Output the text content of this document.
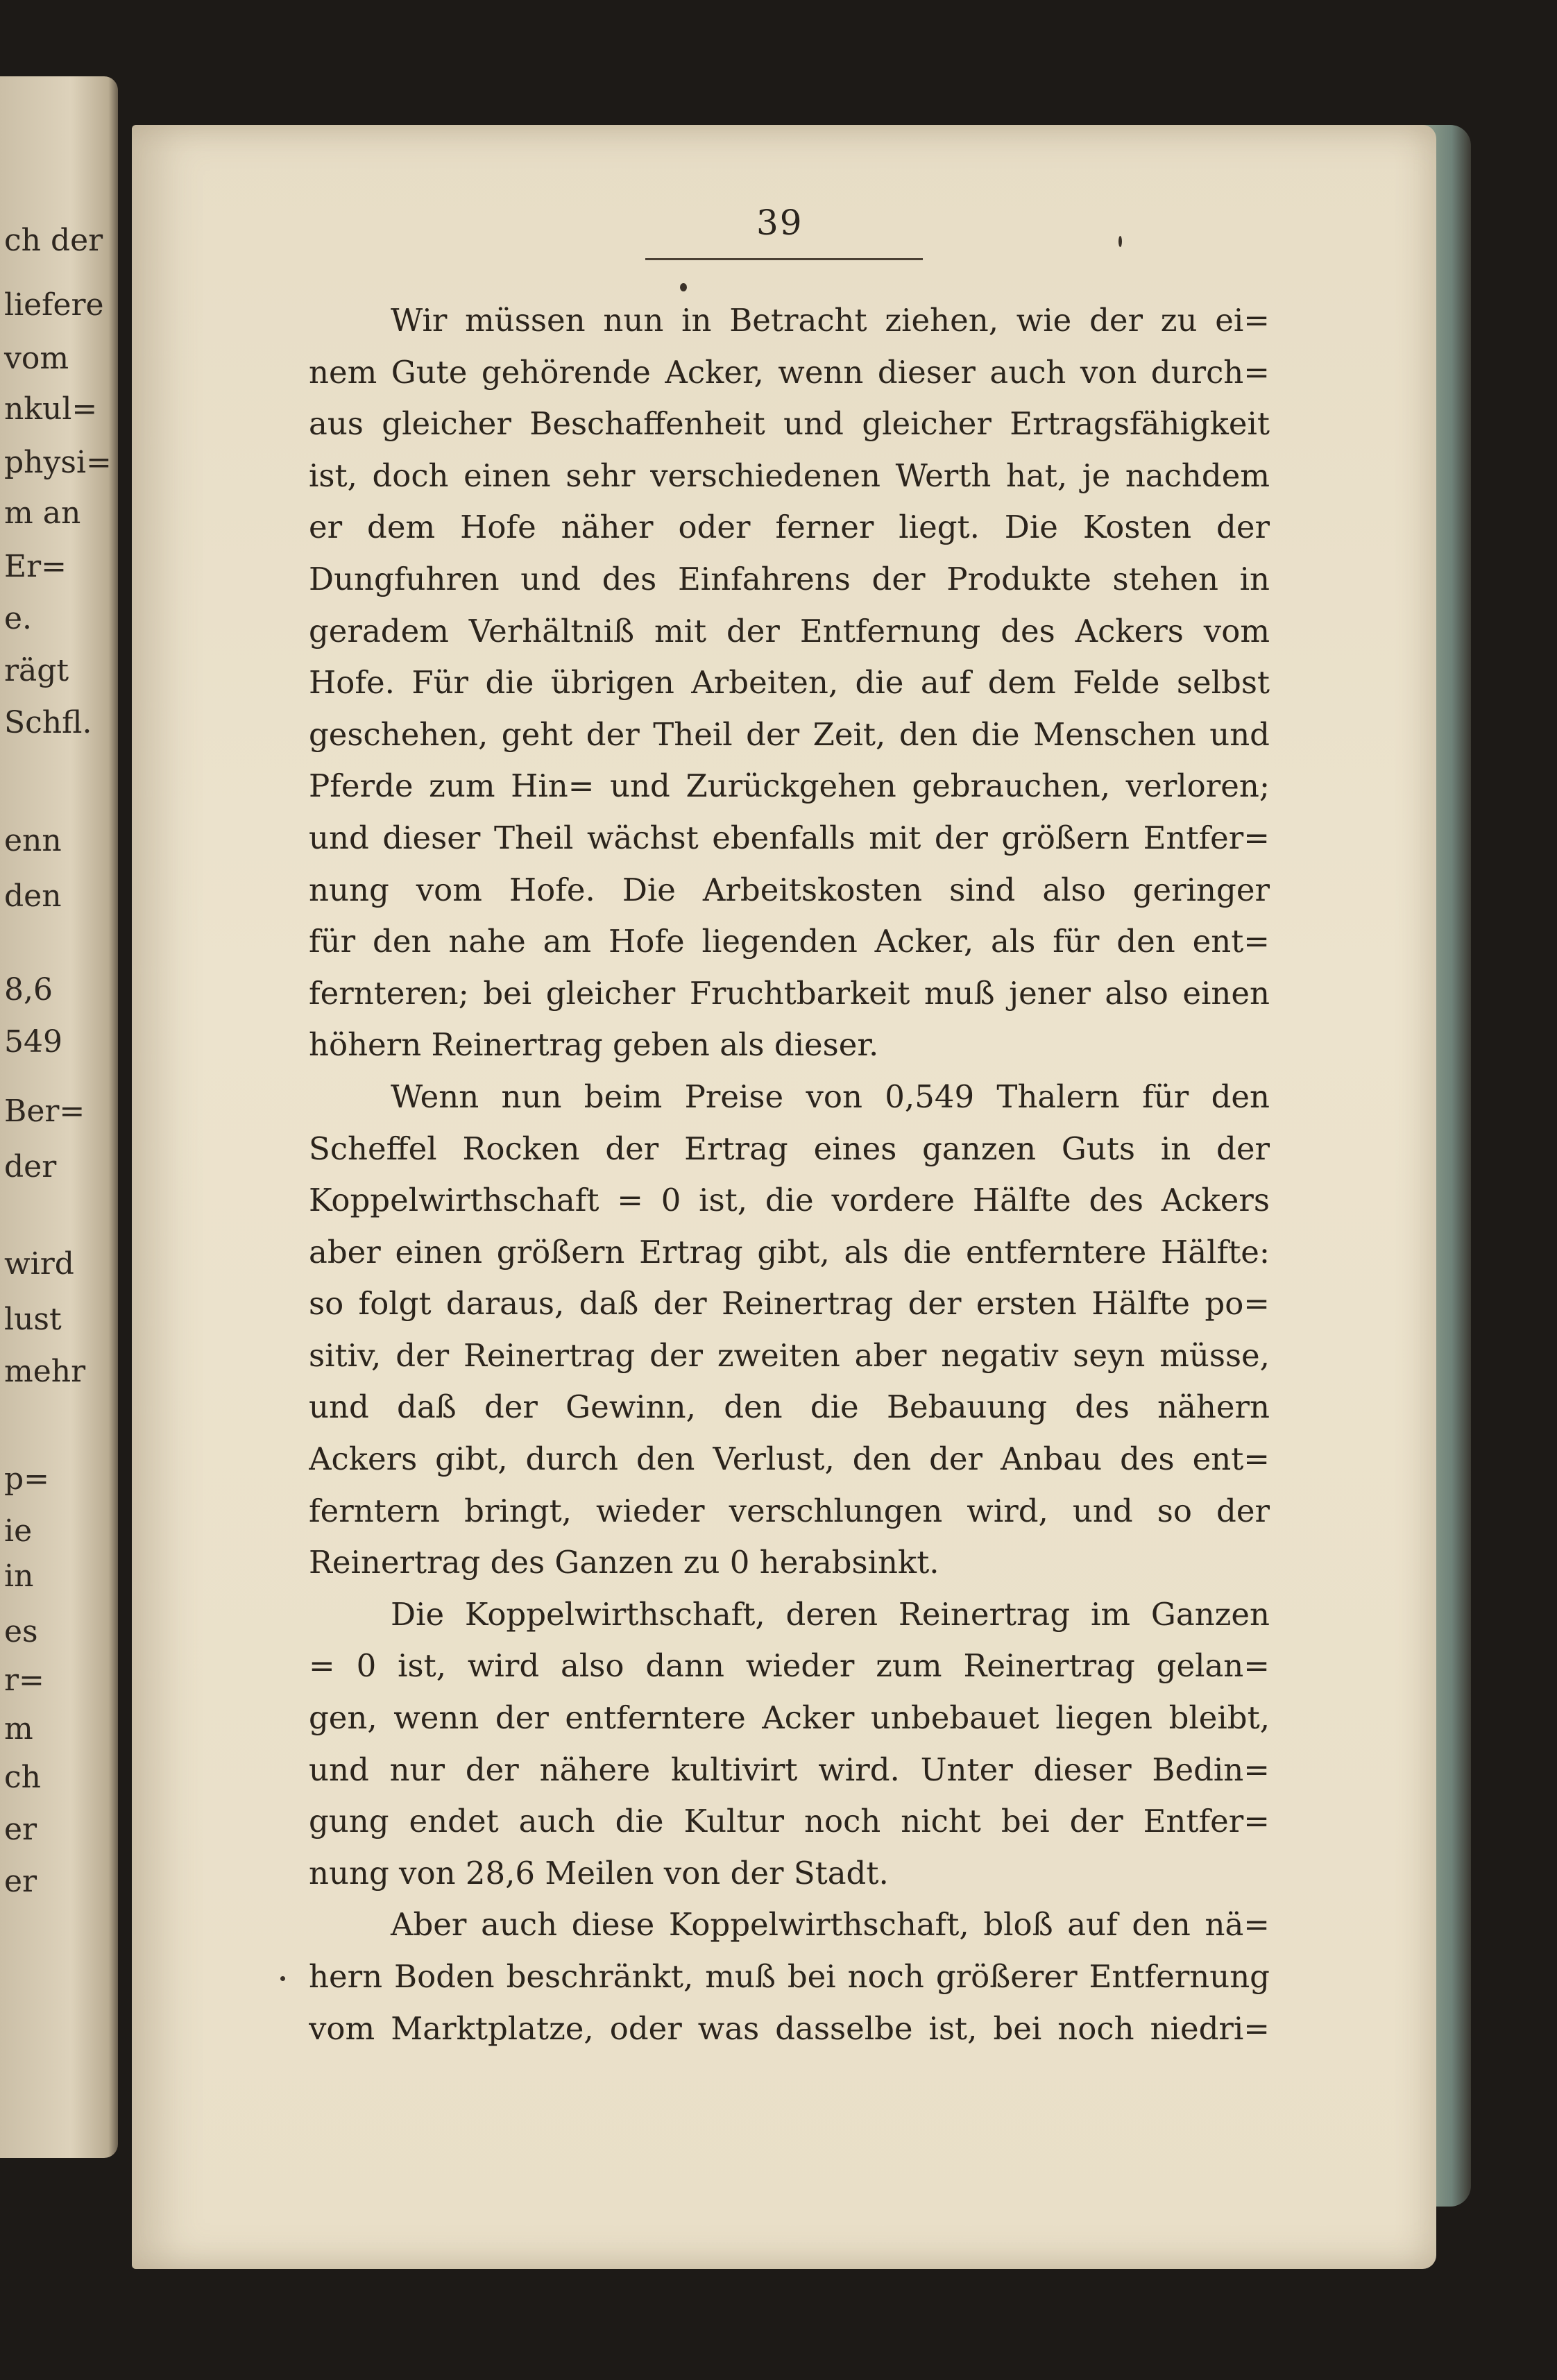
ch der
liefere
vom
nkul=
physi=
m an
Er=
e.
rägt
Schfl.
enn
den
8,6
549
Ber=
der
wird
lust
mehr
p=
ie
in
es
r=
m
ch
er
er
39
Wir müssen nun in Betracht ziehen, wie der zu ei=
nem Gute gehörende Acker, wenn dieser auch von durch=
aus gleicher Beschaffenheit und gleicher Ertragsfähigkeit
ist, doch einen sehr verschiedenen Werth hat, je nachdem
er dem Hofe näher oder ferner liegt. Die Kosten der
Dungfuhren und des Einfahrens der Produkte stehen in
geradem Verhältniß mit der Entfernung des Ackers vom
Hofe. Für die übrigen Arbeiten, die auf dem Felde selbst
geschehen, geht der Theil der Zeit, den die Menschen und
Pferde zum Hin= und Zurückgehen gebrauchen, verloren;
und dieser Theil wächst ebenfalls mit der größern Entfer=
nung vom Hofe. Die Arbeitskosten sind also geringer
für den nahe am Hofe liegenden Acker, als für den ent=
fernteren; bei gleicher Fruchtbarkeit muß jener also einen
höhern Reinertrag geben als dieser.
Wenn nun beim Preise von 0,549 Thalern für den
Scheffel Rocken der Ertrag eines ganzen Guts in der
Koppelwirthschaft = 0 ist, die vordere Hälfte des Ackers
aber einen größern Ertrag gibt, als die entferntere Hälfte:
so folgt daraus, daß der Reinertrag der ersten Hälfte po=
sitiv, der Reinertrag der zweiten aber negativ seyn müsse,
und daß der Gewinn, den die Bebauung des nähern
Ackers gibt, durch den Verlust, den der Anbau des ent=
ferntern bringt, wieder verschlungen wird, und so der
Reinertrag des Ganzen zu 0 herabsinkt.
Die Koppelwirthschaft, deren Reinertrag im Ganzen
= 0 ist, wird also dann wieder zum Reinertrag gelan=
gen, wenn der entferntere Acker unbebauet liegen bleibt,
und nur der nähere kultivirt wird. Unter dieser Bedin=
gung endet auch die Kultur noch nicht bei der Entfer=
nung von 28,6 Meilen von der Stadt.
Aber auch diese Koppelwirthschaft, bloß auf den nä=
hern Boden beschränkt, muß bei noch größerer Entfernung
vom Marktplatze, oder was dasselbe ist, bei noch niedri=
